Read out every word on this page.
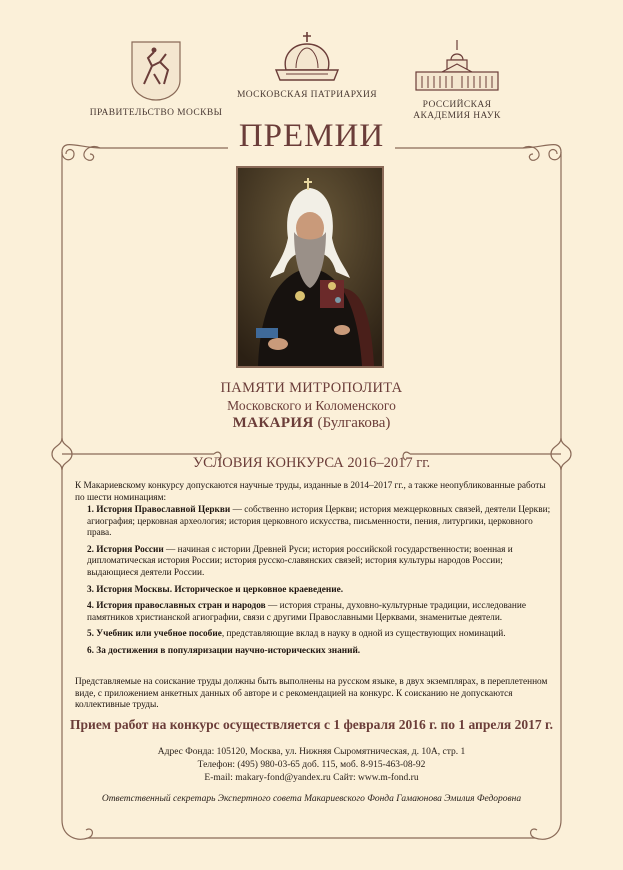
ПРАВИТЕЛЬСТВО МОСКВЫ
МОСКОВСКАЯ ПАТРИАРХИЯ
РОССИЙСКАЯ
АКАДЕМИЯ НАУК
ПРЕМИИ
ПАМЯТИ МИТРОПОЛИТА
Московского и Коломенского
МАКАРИЯ (Булгакова)
УСЛОВИЯ КОНКУРСА 2016–2017 гг.
К Макариевскому конкурсу допускаются научные труды, изданные в 2014–2017 гг., а также неопубликованные работы по шести номинациям:
1. История Православной Церкви — собственно история Церкви; история межцерковных связей, деятели Церкви; агиография; церковная археология; история церковного искусства, письменности, пения, литургики, церковного права.
2. История России — начиная с истории Древней Руси; история российской государственности; военная и дипломатическая история России; история русско-славянских связей; история культуры народов России; выдающиеся деятели России.
3. История Москвы. Историческое и церковное краеведение.
4. История православных стран и народов — история страны, духовно-культурные традиции, исследование памятников христианской агиографии, связи с другими Православными Церквами, знаменитые деятели.
5. Учебник или учебное пособие, представляющие вклад в науку в одной из существующих номинаций.
6. За достижения в популяризации научно-исторических знаний.
Представляемые на соискание труды должны быть выполнены на русском языке, в двух экземплярах, в переплетенном виде, с приложением анкетных данных об авторе и с рекомендацией на конкурс. К соисканию не допускаются коллективные труды.
Прием работ на конкурс осуществляется с 1 февраля 2016 г. по 1 апреля 2017 г.
Адрес Фонда: 105120, Москва, ул. Нижняя Сыромятническая, д. 10А, стр. 1
Телефон: (495) 980-03-65 доб. 115, моб. 8-915-463-08-92
E-mail: makary-fond@yandex.ru Сайт: www.m-fond.ru
Ответственный секретарь Экспертного совета Макариевского Фонда Гамаюнова Эмилия Федоровна
